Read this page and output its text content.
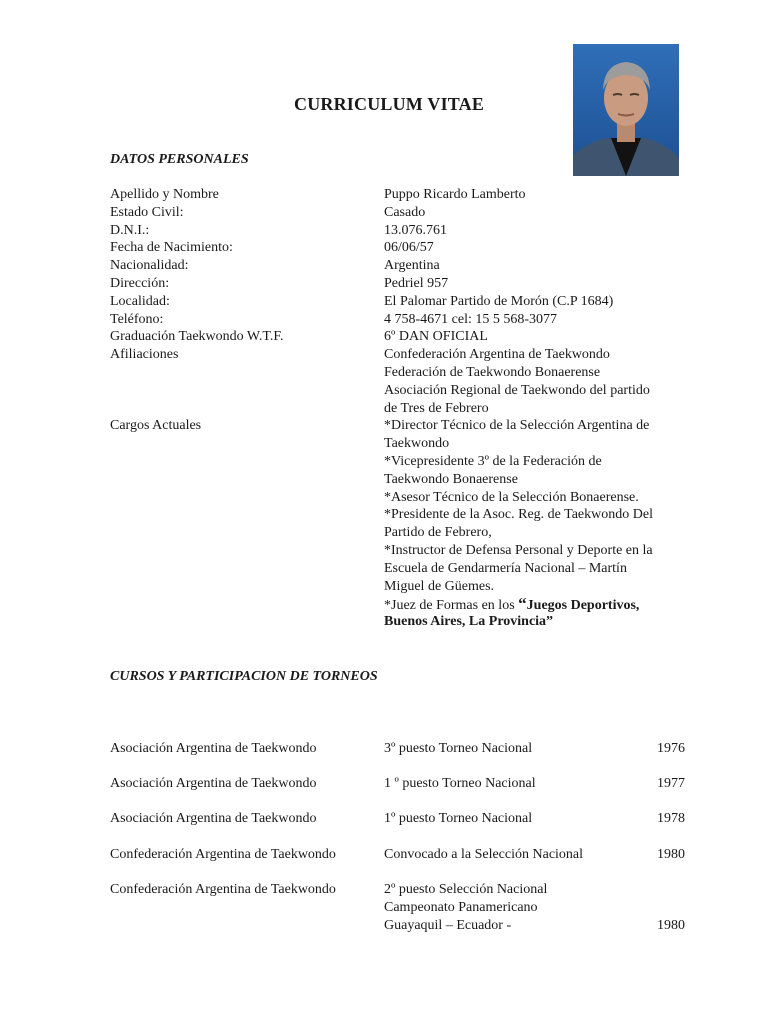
CURRICULUM VITAE
DATOS PERSONALES
Apellido y Nombre	Puppo Ricardo Lamberto
Estado Civil:	Casado
D.N.I.:	13.076.761
Fecha de Nacimiento:	06/06/57
Nacionalidad:	Argentina
Dirección:	Pedriel 957
Localidad:	El Palomar Partido de Morón (C.P 1684)
Teléfono:	4 758-4671 cel: 15 5 568-3077
Graduación Taekwondo W.T.F.	6º DAN OFICIAL
Afiliaciones	Confederación Argentina de Taekwondo
Federación de Taekwondo Bonaerense
Asociación Regional de Taekwondo del partido
de Tres de Febrero
Cargos Actuales	*Director Técnico de la Selección Argentina de
Taekwondo
*Vicepresidente 3º de la Federación de
Taekwondo Bonaerense
*Asesor Técnico de la Selección Bonaerense.
*Presidente de la Asoc. Reg. de Taekwondo Del
Partido de Febrero,
*Instructor de Defensa Personal y Deporte en la
Escuela de Gendarmería Nacional – Martín
Miguel de Güemes.
*Juez de Formas en los “Juegos Deportivos,
Buenos Aires, La Provincia”
CURSOS Y PARTICIPACION DE TORNEOS
Asociación Argentina de Taekwondo	3º puesto Torneo Nacional	1976
Asociación Argentina de Taekwondo	1 º puesto Torneo Nacional	1977
Asociación Argentina de Taekwondo	1º puesto Torneo Nacional	1978
Confederación Argentina de Taekwondo	Convocado a la Selección Nacional	1980
Confederación Argentina de Taekwondo	2º puesto Selección Nacional
Campeonato Panamericano
Guayaquil – Ecuador -	1980
